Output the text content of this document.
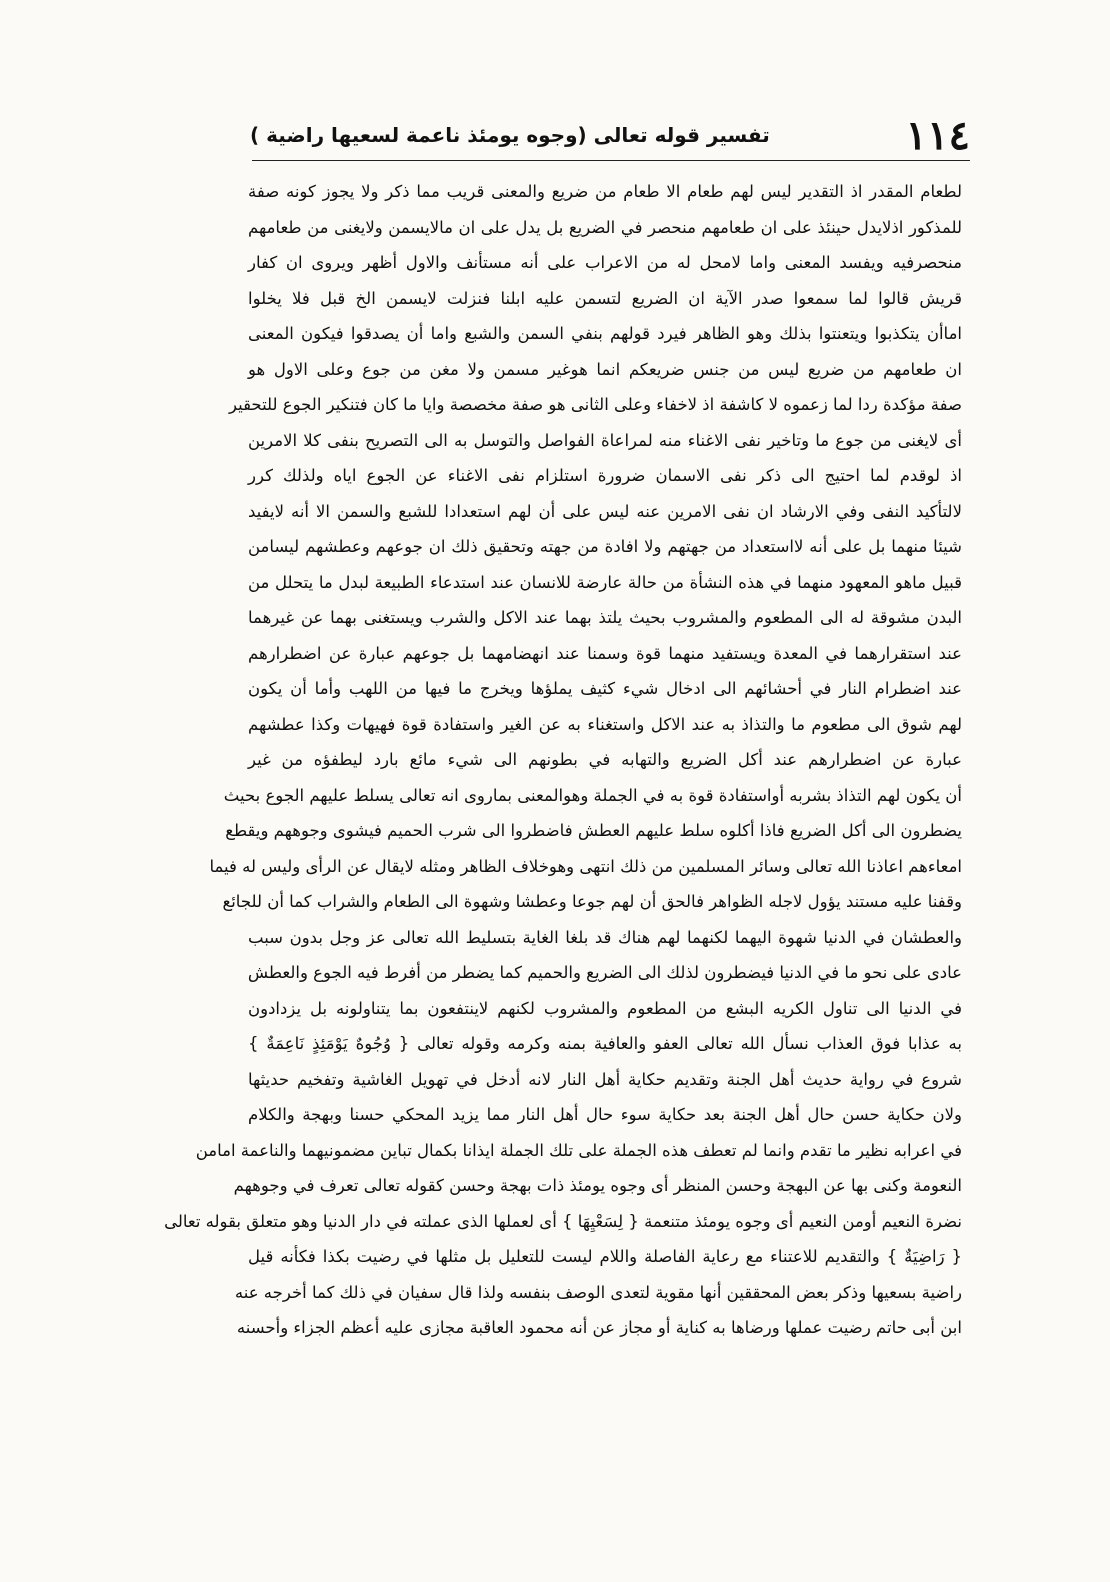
١١٤
تفسير قوله تعالى (وجوه يومئذ ناعمة لسعيها راضية )
لطعام المقدر اذ التقدير ليس لهم طعام الا طعام من ضريع والمعنى قريب مما ذكر ولا يجوز كونه صفة
للمذكور اذلايدل حينئذ على ان طعامهم منحصر في الضريع بل يدل على ان مالايسمن ولايغنى من طعامهم
منحصرفيه ويفسد المعنى واما لامحل له من الاعراب على أنه مستأنف والاول أظهر ويروى ان كفار
قريش قالوا لما سمعوا صدر الآية ان الضريع لتسمن عليه ابلنا فنزلت لايسمن الخ قبل فلا يخلوا
اماأن يتكذبوا ويتعنتوا بذلك وهو الظاهر فيرد قولهم بنفي السمن والشبع واما أن يصدقوا فيكون المعنى
ان طعامهم من ضريع ليس من جنس ضريعكم انما هوغير مسمن ولا مغن من جوع وعلى الاول هو
صفة مؤكدة ردا لما زعموه لا كاشفة اذ لاخفاء وعلى الثانى هو صفة مخصصة وايا ما كان فتنكير الجوع للتحقير
أى لايغنى من جوع ما وتاخير نفى الاغناء منه لمراعاة الفواصل والتوسل به الى التصريح بنفى كلا الامرين
اذ لوقدم لما احتيج الى ذكر نفى الاسمان ضرورة استلزام نفى الاغناء عن الجوع اياه ولذلك كرر
لالتأكيد النفى وفي الارشاد ان نفى الامرين عنه ليس على أن لهم استعدادا للشبع والسمن الا أنه لايفيد
شيئا منهما بل على أنه لااستعداد من جهتهم ولا افادة من جهته وتحقيق ذلك ان جوعهم وعطشهم ليسامن
قبيل ماهو المعهود منهما في هذه النشأة من حالة عارضة للانسان عند استدعاء الطبيعة لبدل ما يتحلل من
البدن مشوقة له الى المطعوم والمشروب بحيث يلتذ بهما عند الاكل والشرب ويستغنى بهما عن غيرهما
عند استقرارهما في المعدة ويستفيد منهما قوة وسمنا عند انهضامهما بل جوعهم عبارة عن اضطرارهم
عند اضطرام النار في أحشائهم الى ادخال شيء كثيف يملؤها ويخرج ما فيها من اللهب وأما أن يكون
لهم شوق الى مطعوم ما والتذاذ به عند الاكل واستغناء به عن الغير واستفادة قوة فهيهات وكذا عطشهم
عبارة عن اضطرارهم عند أكل الضريع والتهابه في بطونهم الى شيء مائع بارد ليطفؤه من غير
أن يكون لهم التذاذ بشربه أواستفادة قوة به في الجملة وهوالمعنى بماروى انه تعالى يسلط عليهم الجوع بحيث
يضطرون الى أكل الضريع فاذا أكلوه سلط عليهم العطش فاضطروا الى شرب الحميم فيشوى وجوههم ويقطع
امعاءهم اعاذنا الله تعالى وسائر المسلمين من ذلك انتهى وهوخلاف الظاهر ومثله لايقال عن الرأى وليس له فيما
وقفنا عليه مستند يؤول لاجله الظواهر فالحق أن لهم جوعا وعطشا وشهوة الى الطعام والشراب كما أن للجائع
والعطشان في الدنيا شهوة اليهما لكنهما لهم هناك قد بلغا الغاية بتسليط الله تعالى عز وجل بدون سبب
عادى على نحو ما في الدنيا فيضطرون لذلك الى الضريع والحميم كما يضطر من أفرط فيه الجوع والعطش
في الدنيا الى تناول الكريه البشع من المطعوم والمشروب لكنهم لاينتفعون بما يتناولونه بل يزدادون
به عذابا فوق العذاب نسأل الله تعالى العفو والعافية بمنه وكرمه وقوله تعالى { وُجُوهٌ يَوْمَئِذٍ نَاعِمَةٌ }
شروع في رواية حديث أهل الجنة وتقديم حكاية أهل النار لانه أدخل في تهويل الغاشية وتفخيم حديثها
ولان حكاية حسن حال أهل الجنة بعد حكاية سوء حال أهل النار مما يزيد المحكي حسنا وبهجة والكلام
في اعرابه نظير ما تقدم وانما لم تعطف هذه الجملة على تلك الجملة ايذانا بكمال تباين مضمونيهما والناعمة امامن
النعومة وكنى بها عن البهجة وحسن المنظر أى وجوه يومئذ ذات بهجة وحسن كقوله تعالى تعرف في وجوههم
نضرة النعيم أومن النعيم أى وجوه يومئذ متنعمة { لِسَعْيِهَا } أى لعملها الذى عملته في دار الدنيا وهو متعلق بقوله تعالى
{ رَاضِيَةٌ } والتقديم للاعتناء مع رعاية الفاصلة واللام ليست للتعليل بل مثلها في رضيت بكذا فكأنه قيل
راضية بسعيها وذكر بعض المحققين أنها مقوية لتعدى الوصف بنفسه ولذا قال سفيان في ذلك كما أخرجه عنه
ابن أبى حاتم رضيت عملها ورضاها به كناية أو مجاز عن أنه محمود العاقبة مجازى عليه أعظم الجزاء وأحسنه
